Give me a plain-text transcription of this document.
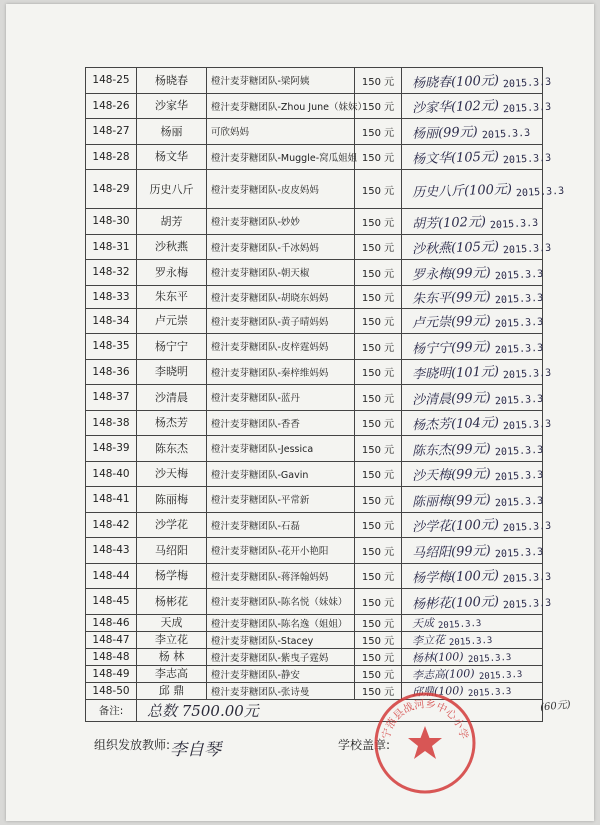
148-25	杨晓春	橙汁麦芽糖团队-梁阿姨	150 元	杨晓春(100元) 2015.3.3
148-26	沙家华	橙汁麦芽糖团队-Zhou June（妹妹）	150 元	沙家华(102元) 2015.3.3
148-27	杨丽	可欣妈妈	150 元	杨丽(99元) 2015.3.3
148-28	杨文华	橙汁麦芽糖团队-Muggle-窝瓜姐姐	150 元	杨文华(105元) 2015.3.3
148-29	历史八斤	橙汁麦芽糖团队-皮皮妈妈	150 元	历史八斤(100元) 2015.3.3
148-30	胡芳	橙汁麦芽糖团队-妙妙	150 元	胡芳(102元) 2015.3.3
148-31	沙秋燕	橙汁麦芽糖团队-千冰妈妈	150 元	沙秋燕(105元) 2015.3.3
148-32	罗永梅	橙汁麦芽糖团队-朝天椒	150 元	罗永梅(99元) 2015.3.3
148-33	朱东平	橙汁麦芽糖团队-胡晓东妈妈	150 元	朱东平(99元) 2015.3.3
148-34	卢元崇	橙汁麦芽糖团队-黄子晴妈妈	150 元	卢元崇(99元) 2015.3.3
148-35	杨宁宁	橙汁麦芽糖团队-皮梓霆妈妈	150 元	杨宁宁(99元) 2015.3.3
148-36	李晓明	橙汁麦芽糖团队-秦梓维妈妈	150 元	李晓明(101元) 2015.3.3
148-37	沙清晨	橙汁麦芽糖团队-蓝丹	150 元	沙清晨(99元) 2015.3.3
148-38	杨杰芳	橙汁麦芽糖团队-香香	150 元	杨杰芳(104元) 2015.3.3
148-39	陈东杰	橙汁麦芽糖团队-Jessica	150 元	陈东杰(99元) 2015.3.3
148-40	沙天梅	橙汁麦芽糖团队-Gavin	150 元	沙天梅(99元) 2015.3.3
148-41	陈丽梅	橙汁麦芽糖团队-平常新	150 元	陈丽梅(99元) 2015.3.3
148-42	沙学花	橙汁麦芽糖团队-石磊	150 元	沙学花(100元) 2015.3.3
148-43	马绍阳	橙汁麦芽糖团队-花开小艳阳	150 元	马绍阳(99元) 2015.3.3
148-44	杨学梅	橙汁麦芽糖团队-蒋泽翰妈妈	150 元	杨学梅(100元) 2015.3.3
148-45	杨彬花	橙汁麦芽糖团队-陈名悦（妹妹）	150 元	杨彬花(100元) 2015.3.3
148-46	天成	橙汁麦芽糖团队-陈名逸（姐姐）	150 元	天成 2015.3.3
148-47	李立花	橙汁麦芽糖团队-Stacey	150 元	李立花 2015.3.3
148-48	杨 林	橙汁麦芽糖团队-紫曳子霆妈	150 元	杨林(100) 2015.3.3
148-49	李志高	橙汁麦芽糖团队-静安	150 元	李志高(100) 2015.3.3
148-50	邱 鼎	橙汁麦芽糖团队-张诗曼	150 元	邱鼎(100) 2015.3.3
备注:	总数 7500.00元			
组织发放教师: 李自琴	学校盖章:
(60元)
宁蒗县战河乡中心小学
